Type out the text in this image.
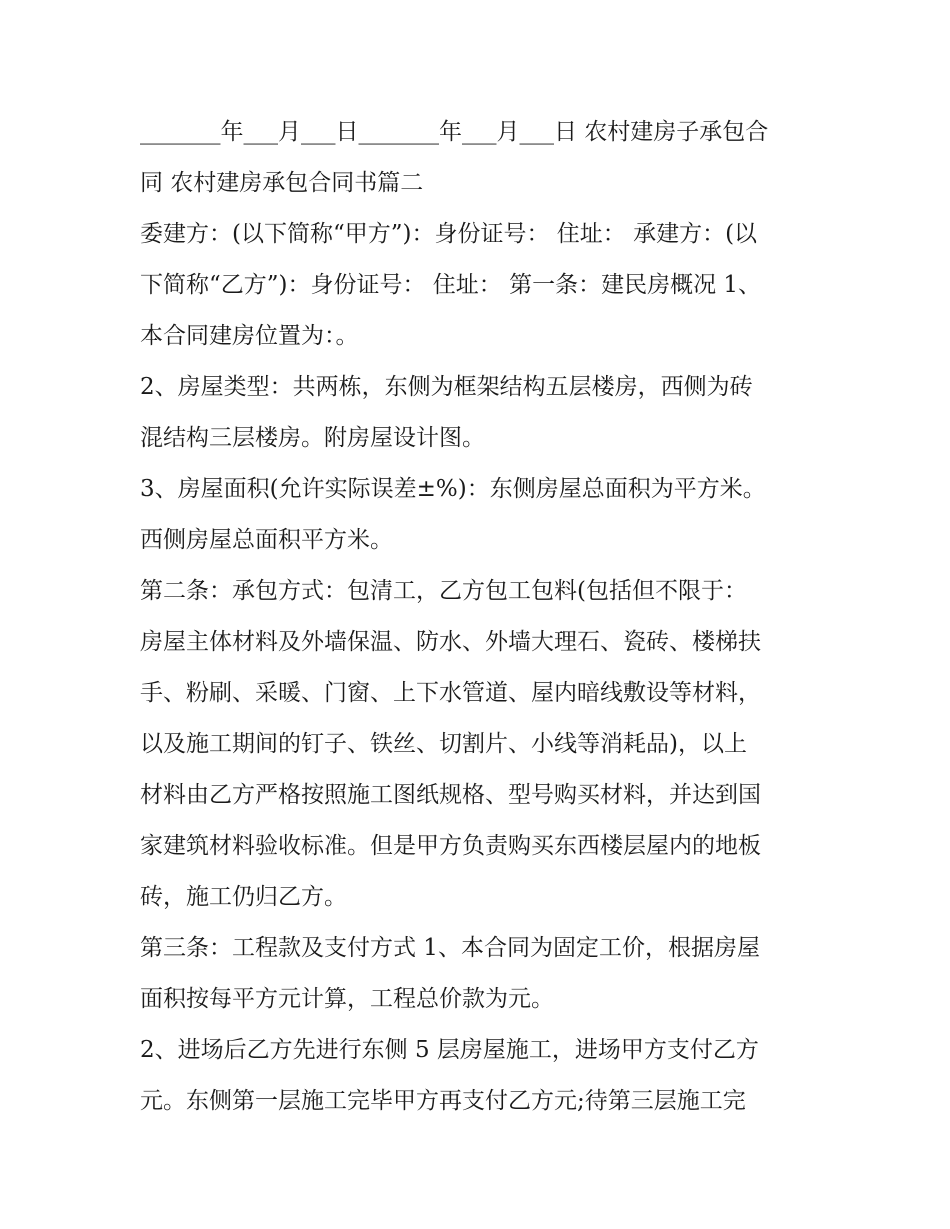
_______年___月___日_______年___月___日 农村建房子承包合
同 农村建房承包合同书篇二
委建方：(以下简称“甲方”)：身份证号： 住址： 承建方：(以
下简称“乙方”)：身份证号： 住址： 第一条：建民房概况 1、
本合同建房位置为：。
2、房屋类型：共两栋，东侧为框架结构五层楼房，西侧为砖
混结构三层楼房。附房屋设计图。
3、房屋面积(允许实际误差±%)：东侧房屋总面积为平方米。
西侧房屋总面积平方米。
第二条：承包方式：包清工，乙方包工包料(包括但不限于：
房屋主体材料及外墙保温、防水、外墙大理石、瓷砖、楼梯扶
手、粉刷、采暖、门窗、上下水管道、屋内暗线敷设等材料，
以及施工期间的钉子、铁丝、切割片、小线等消耗品)，以上
材料由乙方严格按照施工图纸规格、型号购买材料，并达到国
家建筑材料验收标准。但是甲方负责购买东西楼层屋内的地板
砖，施工仍归乙方。
第三条：工程款及支付方式 1、本合同为固定工价，根据房屋
面积按每平方元计算，工程总价款为元。
2、进场后乙方先进行东侧 5 层房屋施工，进场甲方支付乙方
元。东侧第一层施工完毕甲方再支付乙方元;待第三层施工完
